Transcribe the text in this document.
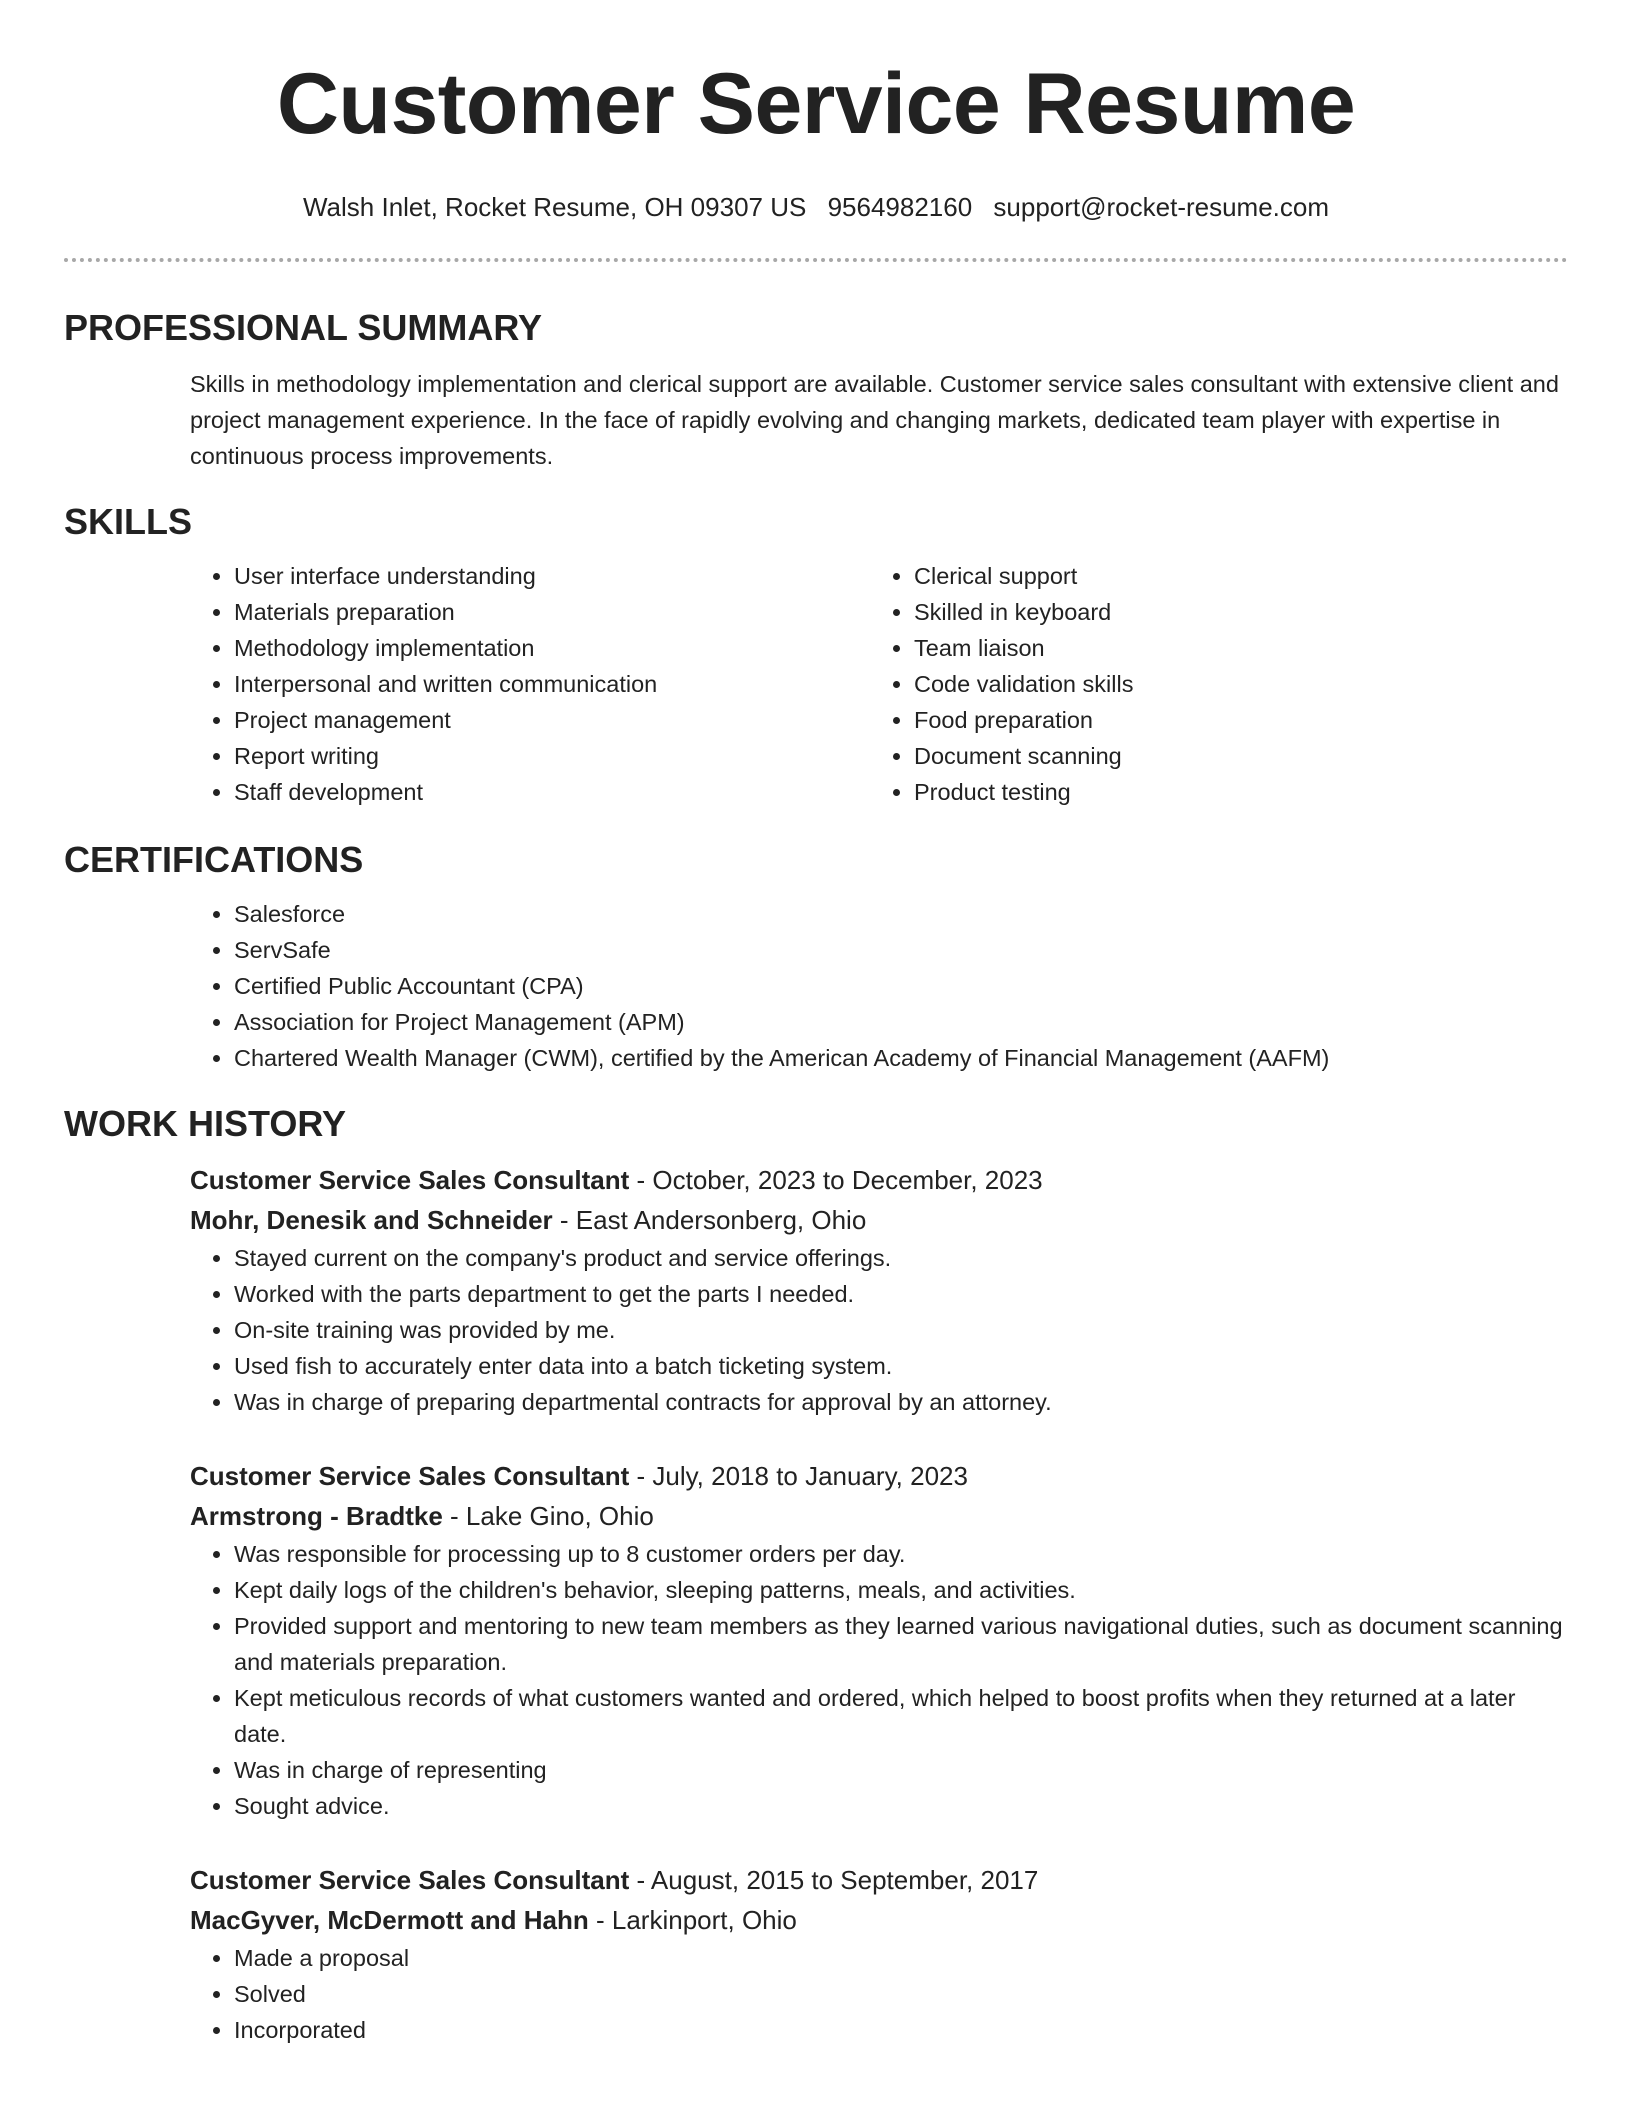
Customer Service Resume
Walsh Inlet, Rocket Resume, OH 09307 US 9564982160 support@rocket-resume.com
PROFESSIONAL SUMMARY
Skills in methodology implementation and clerical support are available. Customer service sales consultant with extensive client and project management experience. In the face of rapidly evolving and changing markets, dedicated team player with expertise in continuous process improvements.
SKILLS
• User interface understanding
• Materials preparation
• Methodology implementation
• Interpersonal and written communication
• Project management
• Report writing
• Staff development
• Clerical support
• Skilled in keyboard
• Team liaison
• Code validation skills
• Food preparation
• Document scanning
• Product testing
CERTIFICATIONS
• Salesforce
• ServSafe
• Certified Public Accountant (CPA)
• Association for Project Management (APM)
• Chartered Wealth Manager (CWM), certified by the American Academy of Financial Management (AAFM)
WORK HISTORY
Customer Service Sales Consultant - October, 2023 to December, 2023
Mohr, Denesik and Schneider - East Andersonberg, Ohio
• Stayed current on the company's product and service offerings.
• Worked with the parts department to get the parts I needed.
• On-site training was provided by me.
• Used fish to accurately enter data into a batch ticketing system.
• Was in charge of preparing departmental contracts for approval by an attorney.
Customer Service Sales Consultant - July, 2018 to January, 2023
Armstrong - Bradtke - Lake Gino, Ohio
• Was responsible for processing up to 8 customer orders per day.
• Kept daily logs of the children's behavior, sleeping patterns, meals, and activities.
• Provided support and mentoring to new team members as they learned various navigational duties, such as document scanning and materials preparation.
• Kept meticulous records of what customers wanted and ordered, which helped to boost profits when they returned at a later date.
• Was in charge of representing
• Sought advice.
Customer Service Sales Consultant - August, 2015 to September, 2017
MacGyver, McDermott and Hahn - Larkinport, Ohio
• Made a proposal
• Solved
• Incorporated
